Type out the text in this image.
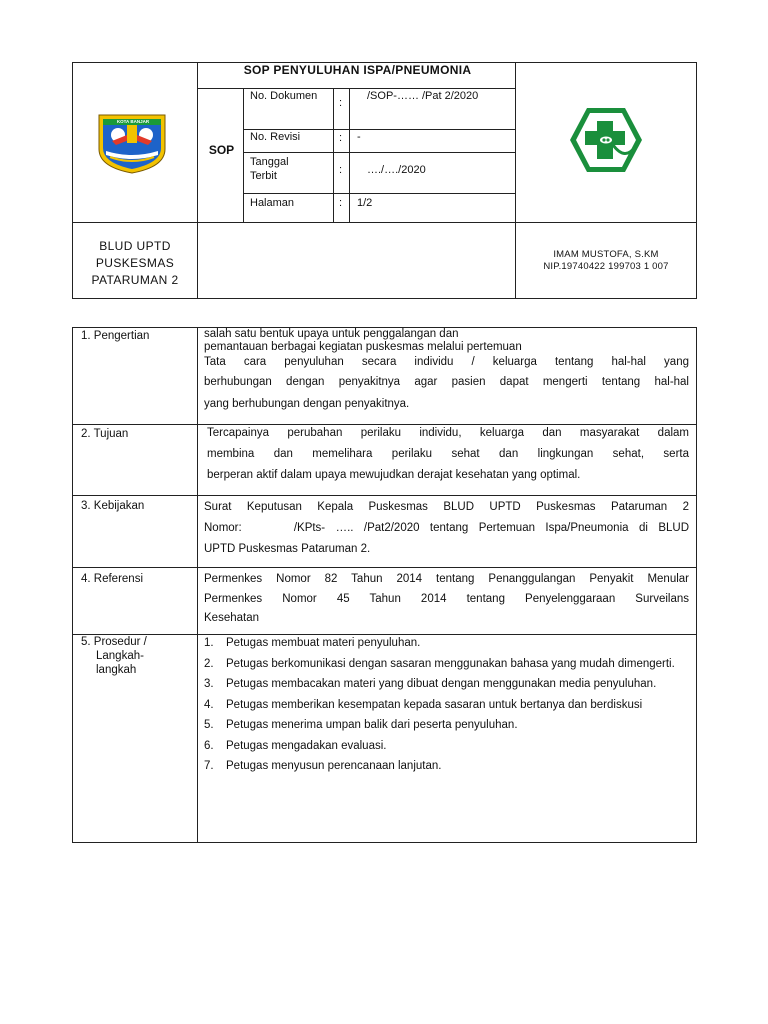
KOTA BANJAR
SOP PENYULUHAN ISPA/PNEUMONIA
SOP
No. Dokumen
:
/SOP-…… /Pat 2/2020
No. Revisi	: -
Tanggal Terbit	: …./…./2020
Halaman	: 1/2
BLUD UPTD
PUSKESMAS
PATARUMAN 2
IMAM MUSTOFA, S.KM
NIP.19740422 199703 1 007
1. Pengertian	salah satu bentuk upaya untuk penggalangan dan
pemantauan berbagai kegiatan puskesmas melalui pertemuan
Tata cara penyuluhan secara individu / keluarga tentang hal-hal yang
berhubungan dengan penyakitnya agar pasien dapat mengerti tentang hal-hal
yang berhubungan dengan penyakitnya.
2. Tujuan	Tercapainya perubahan perilaku individu, keluarga dan masyarakat dalam
membina dan memelihara perilaku sehat dan lingkungan sehat, serta
berperan aktif dalam upaya mewujudkan derajat kesehatan yang optimal.
3. Kebijakan	Surat Keputusan Kepala Puskesmas BLUD UPTD Puskesmas Pataruman 2
Nomor:     /KPts- ….. /Pat2/2020 tentang Pertemuan Ispa/Pneumonia di BLUD
UPTD Puskesmas Pataruman 2.
4. Referensi	Permenkes Nomor 82 Tahun 2014 tentang Penanggulangan Penyakit Menular
Permenkes Nomor 45 Tahun 2014 tentang Penyelenggaraan Surveilans
Kesehatan
5. Prosedur /
Langkah-
langkah
1. Petugas membuat materi penyuluhan.
2. Petugas berkomunikasi dengan sasaran menggunakan bahasa yang mudah dimengerti.
3. Petugas membacakan materi yang dibuat dengan menggunakan media penyuluhan.
4. Petugas memberikan kesempatan kepada sasaran untuk bertanya dan berdiskusi
5. Petugas menerima umpan balik dari peserta penyuluhan.
6. Petugas mengadakan evaluasi.
7. Petugas menyusun perencanaan lanjutan.
